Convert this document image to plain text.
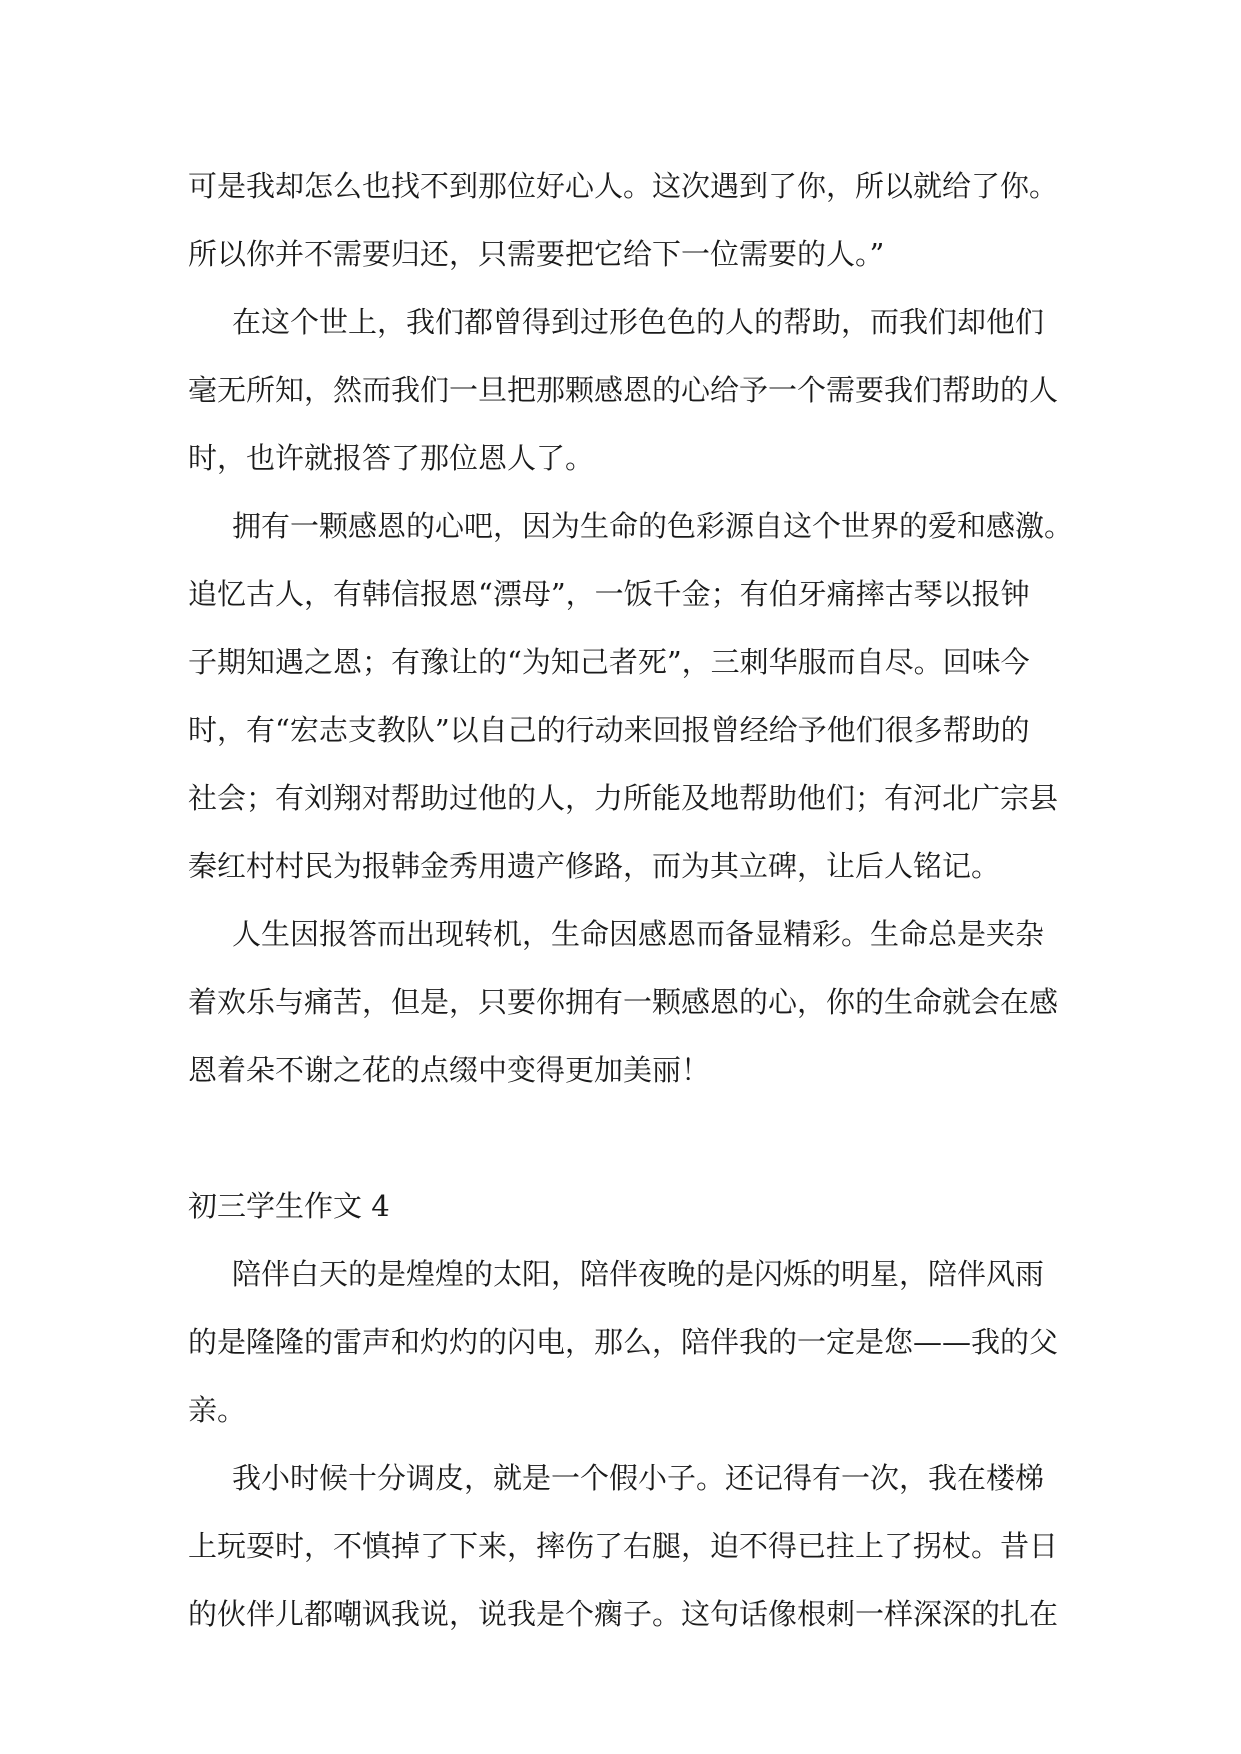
可是我却怎么也找不到那位好心人。这次遇到了你，所以就给了你。
所以你并不需要归还，只需要把它给下一位需要的人。”
在这个世上，我们都曾得到过形色色的人的帮助，而我们却他们
毫无所知，然而我们一旦把那颗感恩的心给予一个需要我们帮助的人
时，也许就报答了那位恩人了。
拥有一颗感恩的心吧，因为生命的色彩源自这个世界的爱和感激。
追忆古人，有韩信报恩“漂母”，一饭千金；有伯牙痛摔古琴以报钟
子期知遇之恩；有豫让的“为知己者死”，三刺华服而自尽。回味今
时，有“宏志支教队”以自己的行动来回报曾经给予他们很多帮助的
社会；有刘翔对帮助过他的人，力所能及地帮助他们；有河北广宗县
秦红村村民为报韩金秀用遗产修路，而为其立碑，让后人铭记。
人生因报答而出现转机，生命因感恩而备显精彩。生命总是夹杂
着欢乐与痛苦，但是，只要你拥有一颗感恩的心，你的生命就会在感
恩着朵不谢之花的点缀中变得更加美丽！
初三学生作文 4
陪伴白天的是煌煌的太阳，陪伴夜晚的是闪烁的明星，陪伴风雨
的是隆隆的雷声和灼灼的闪电，那么，陪伴我的一定是您——我的父
亲。
我小时候十分调皮，就是一个假小子。还记得有一次，我在楼梯
上玩耍时，不慎掉了下来，摔伤了右腿，迫不得已拄上了拐杖。昔日
的伙伴儿都嘲讽我说，说我是个瘸子。这句话像根刺一样深深的扎在
